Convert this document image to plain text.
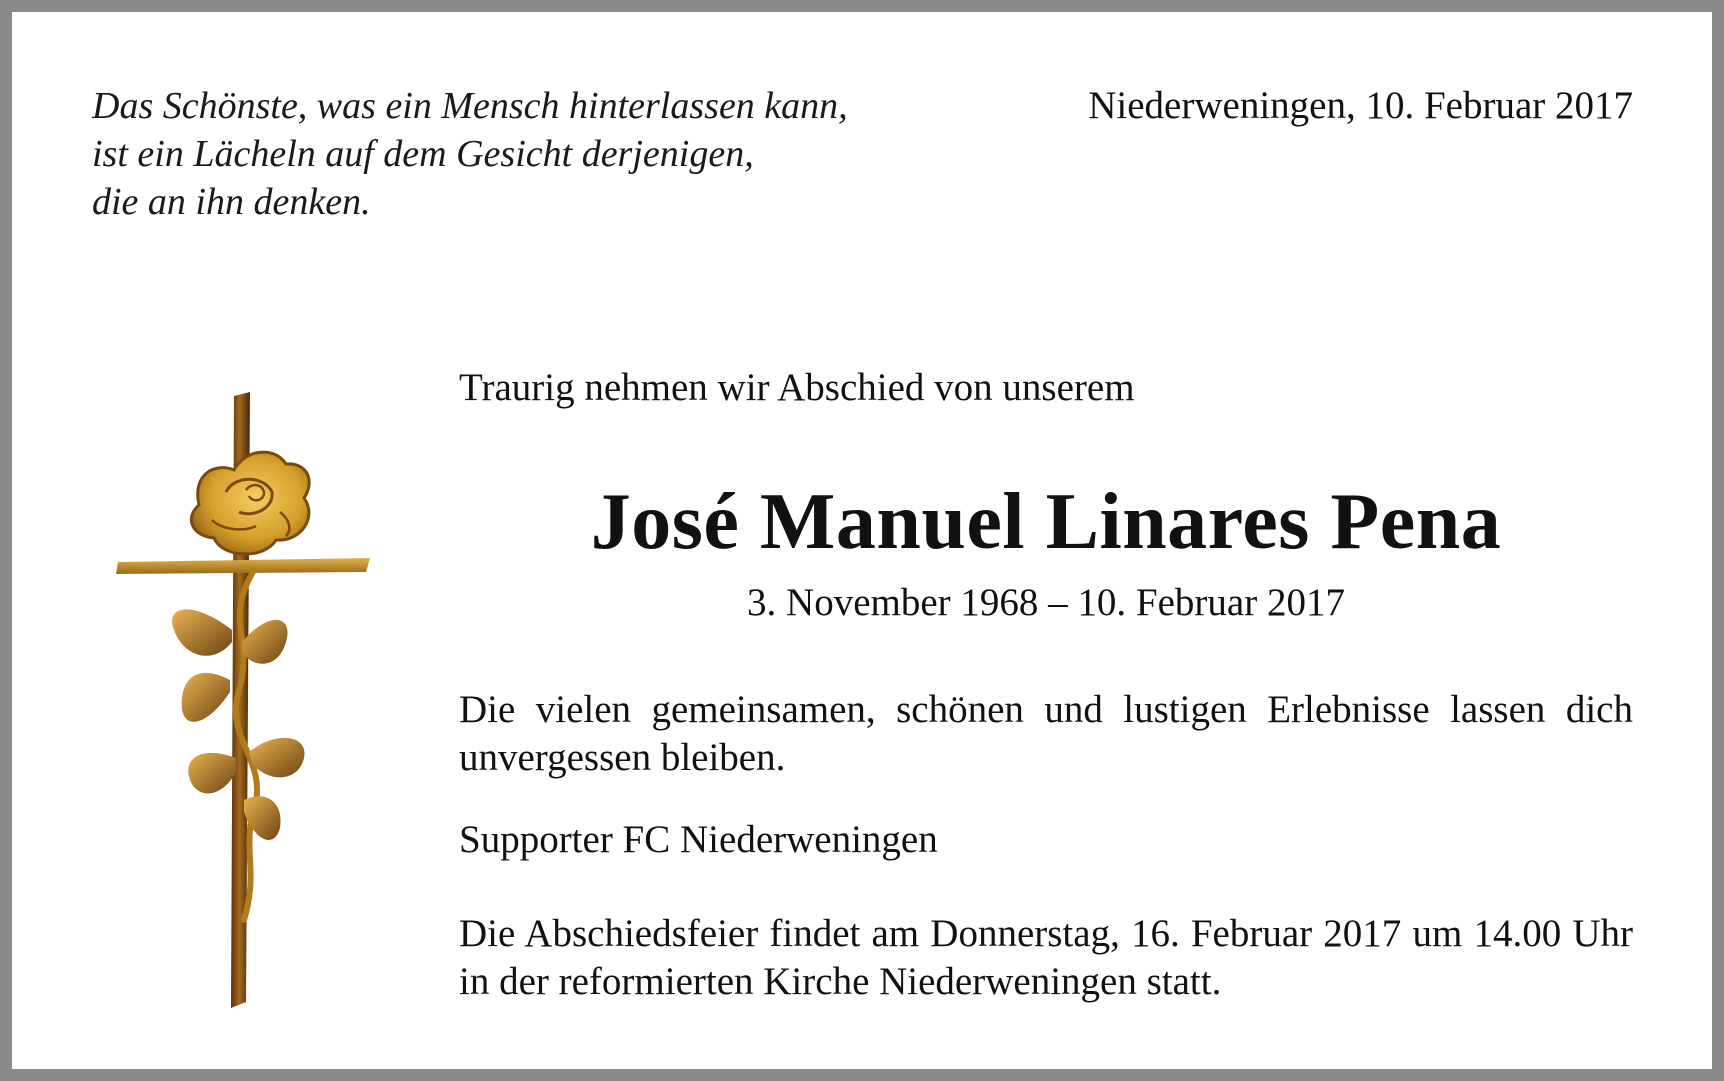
Das Schönste, was ein Mensch hinterlassen kann,
ist ein Lächeln auf dem Gesicht derjenigen,
die an ihn denken.
Niederweningen, 10. Februar 2017
Traurig nehmen wir Abschied von unserem
José Manuel Linares Pena
3. November 1968 – 10. Februar 2017
Die vielen gemeinsamen, schönen und lustigen Erlebnisse lassen dich unvergessen bleiben.
Supporter FC Niederweningen
Die Abschiedsfeier findet am Donnerstag, 16. Februar 2017 um 14.00 Uhr in der reformierten Kirche Niederweningen statt.
